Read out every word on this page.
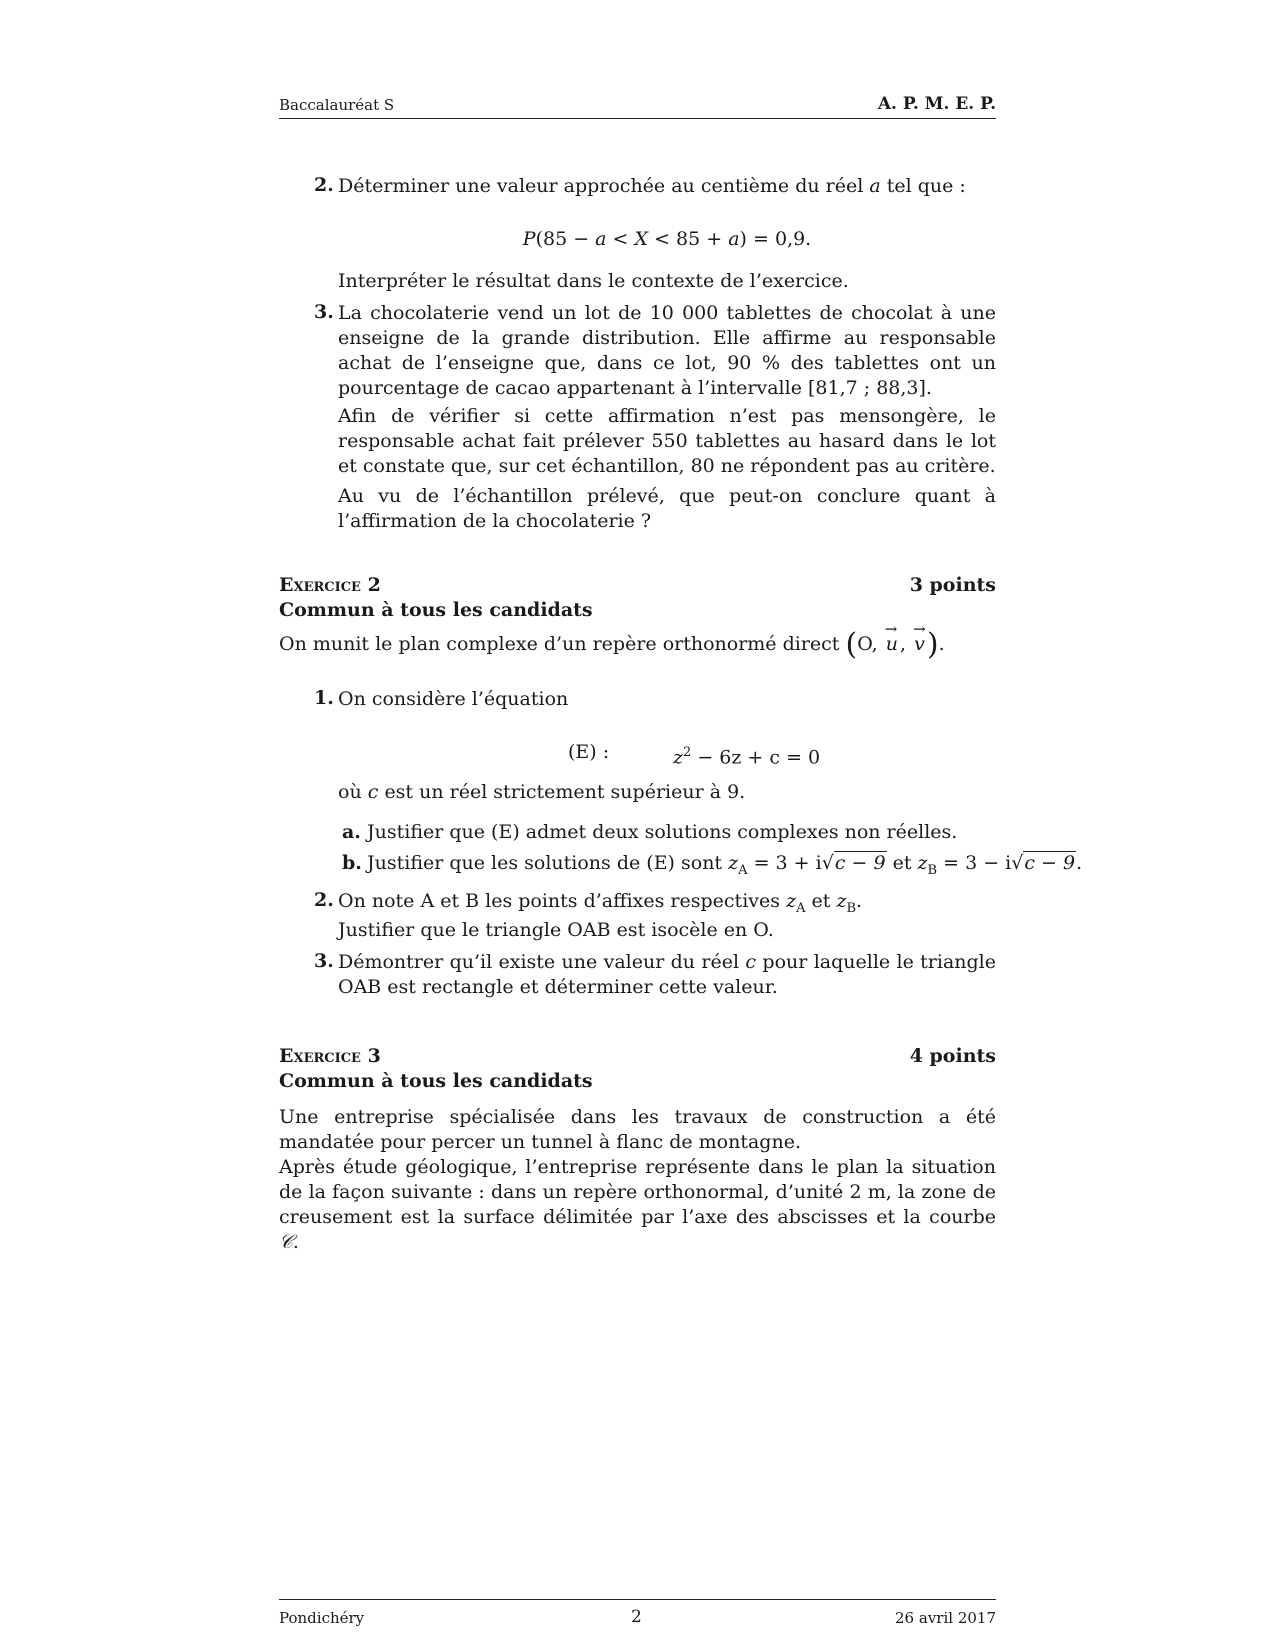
Baccalauréat S	A. P. M. E. P.
2. Déterminer une valeur approchée au centième du réel a tel que :
P(85 − a < X < 85 + a) = 0,9.
Interpréter le résultat dans le contexte de l’exercice.
3. La chocolaterie vend un lot de 10 000 tablettes de chocolat à une enseigne de la grande distribution. Elle affirme au responsable achat de l’enseigne que, dans ce lot, 90 % des tablettes ont un pourcentage de cacao appartenant à l’intervalle [81,7 ; 88,3].
Afin de vérifier si cette affirmation n’est pas mensongère, le responsable achat fait prélever 550 tablettes au hasard dans le lot et constate que, sur cet échantillon, 80 ne répondent pas au critère.
Au vu de l’échantillon prélevé, que peut-on conclure quant à l’affirmation de la chocolaterie ?
Exercice 2	3 points
Commun à tous les candidats
On munit le plan complexe d’un repère orthonormé direct (O, → u , → v).
1. On considère l’équation
(E) :	$z^2 - 6z + c = 0$
où c est un réel strictement supérieur à 9.
a. Justifier que (E) admet deux solutions complexes non réelles.
b. Justifier que les solutions de (E) sont $z_A = 3 + i√c - 9$ et $z_B = 3 - i√c - 9$.
2. On note A et B les points d’affixes respectives $z_A$ et $z_B$.
Justifier que le triangle OAB est isocèle en O.
3. Démontrer qu’il existe une valeur du réel c pour laquelle le triangle OAB est rectangle et déterminer cette valeur.
Exercice 3	4 points
Commun à tous les candidats
Une entreprise spécialisée dans les travaux de construction a été mandatée pour percer un tunnel à flanc de montagne.
Après étude géologique, l’entreprise représente dans le plan la situation de la façon suivante : dans un repère orthonormal, d’unité 2 m, la zone de creusement est la surface délimitée par l’axe des abscisses et la courbe 𝒞.
Pondichéry	2	26 avril 2017
